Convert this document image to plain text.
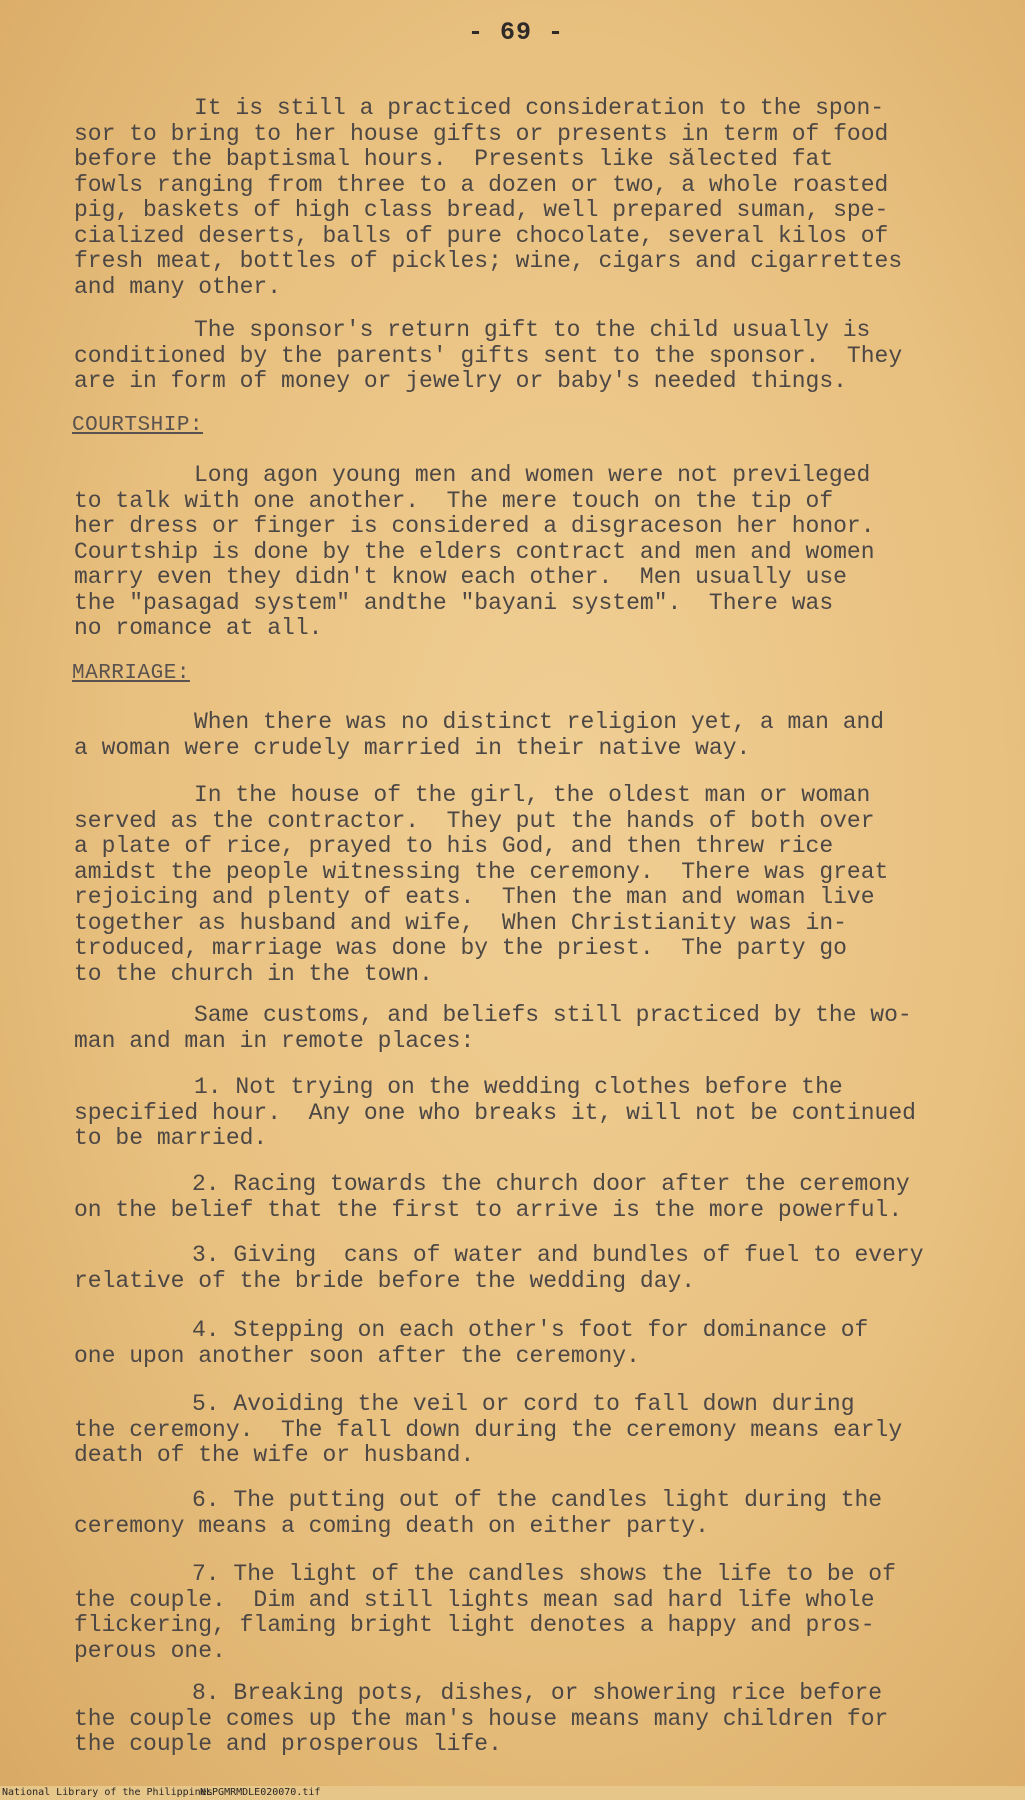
- 69 -
It is still a practiced consideration to the spon-
sor to bring to her house gifts or presents in term of food
before the baptismal hours.  Presents like sălected fat
fowls ranging from three to a dozen or two, a whole roasted
pig, baskets of high class bread, well prepared suman, spe-
cialized deserts, balls of pure chocolate, several kilos of
fresh meat, bottles of pickles; wine, cigars and cigarrettes
and many other.
The sponsor's return gift to the child usually is
conditioned by the parents' gifts sent to the sponsor.  They
are in form of money or jewelry or baby's needed things.
COURTSHIP:
Long agon young men and women were not previleged
to talk with one another.  The mere touch on the tip of
her dress or finger is considered a disgraceson her honor.
Courtship is done by the elders contract and men and women
marry even they didn't know each other.  Men usually use
the "pasagad system" andthe "bayani system".  There was
no romance at all.
MARRIAGE:
When there was no distinct religion yet, a man and
a woman were crudely married in their native way.
In the house of the girl, the oldest man or woman
served as the contractor.  They put the hands of both over
a plate of rice, prayed to his God, and then threw rice
amidst the people witnessing the ceremony.  There was great
rejoicing and plenty of eats.  Then the man and woman live
together as husband and wife,  When Christianity was in-
troduced, marriage was done by the priest.  The party go
to the church in the town.
Same customs, and beliefs still practiced by the wo-
man and man in remote places:
1. Not trying on the wedding clothes before the
specified hour.  Any one who breaks it, will not be continued
to be married.
2. Racing towards the church door after the ceremony
on the belief that the first to arrive is the more powerful.
3. Giving  cans of water and bundles of fuel to every
relative of the bride before the wedding day.
4. Stepping on each other's foot for dominance of
one upon another soon after the ceremony.
5. Avoiding the veil or cord to fall down during
the ceremony.  The fall down during the ceremony means early
death of the wife or husband.
6. The putting out of the candles light during the
ceremony means a coming death on either party.
7. The light of the candles shows the life to be of
the couple.  Dim and still lights mean sad hard life whole
flickering, flaming bright light denotes a happy and pros-
perous one.
8. Breaking pots, dishes, or showering rice before
the couple comes up the man's house means many children for
the couple and prosperous life.
National Library of the Philippines
NLPGMRMDLE020070.tif
